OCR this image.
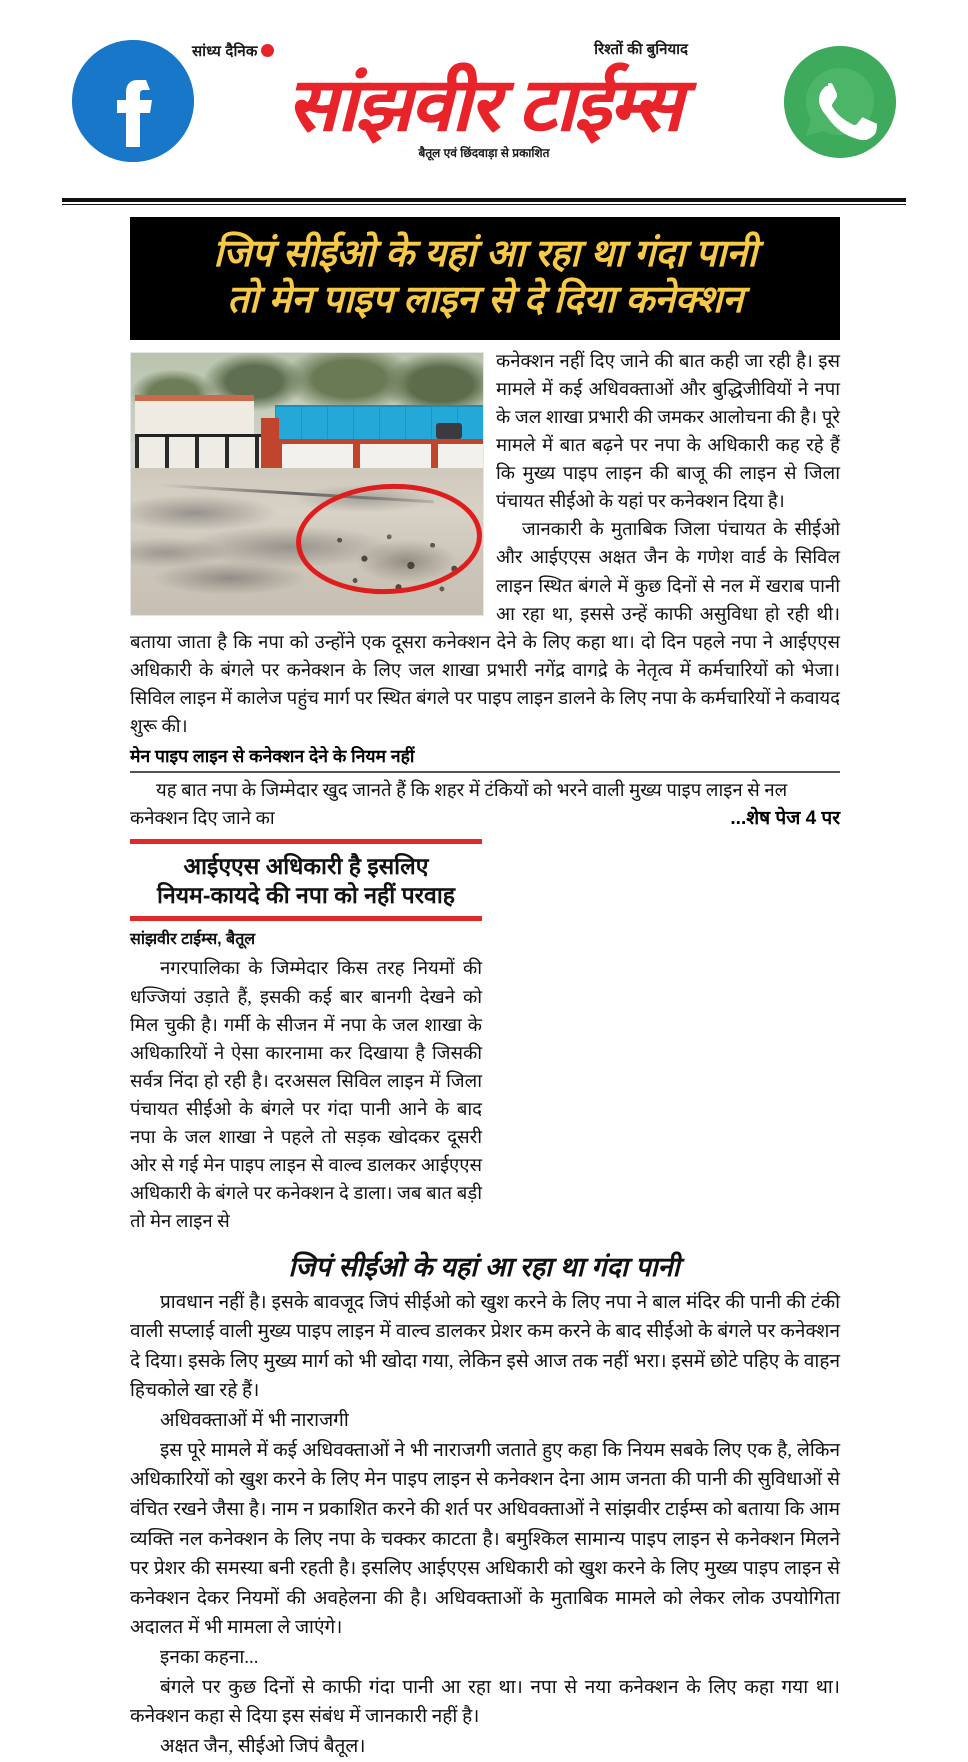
सांध्य दैनिक	रिश्तों की बुनियाद
सांझवीर टाईम्स
बैतूल एवं छिंदवाड़ा से प्रकाशित
जिपं सीईओ के यहां आ रहा था गंदा पानी
तो मेन पाइप लाइन से दे दिया कनेक्शन

कनेक्शन नहीं दिए जाने की बात कही जा रही है। इस मामले में कई अधिवक्ताओं और बुद्धिजीवियों ने नपा के जल शाखा प्रभारी की जमकर आलोचना की है। पूरे मामले में बात बढ़ने पर नपा के अधिकारी कह रहे हैं कि मुख्य पाइप लाइन की बाजू की लाइन से जिला पंचायत सीईओ के यहां पर कनेक्शन दिया है।

जानकारी के मुताबिक जिला पंचायत के सीईओ और आईएएस अक्षत जैन के गणेश वार्ड के सिविल लाइन स्थित बंगले में कुछ दिनों से नल में खराब पानी आ रहा था, इससे उन्हें काफी असुविधा हो रही थी। बताया जाता है कि नपा को उन्होंने एक दूसरा कनेक्शन देने के लिए कहा था। दो दिन पहले नपा ने आईएएस अधिकारी के बंगले पर कनेक्शन के लिए जल शाखा प्रभारी नगेंद्र वागद्रे के नेतृत्व में कर्मचारियों को भेजा। सिविल लाइन में कालेज पहुंच मार्ग पर स्थित बंगले पर पाइप लाइन डालने के लिए नपा के कर्मचारियों ने कवायद शुरू की।

मेन पाइप लाइन से कनेक्शन देने के नियम नहीं

यह बात नपा के जिम्मेदार खुद जानते हैं कि शहर में टंकियों को भरने वाली मुख्य पाइप लाइन से नल

कनेक्शन दिए जाने का	...शेष पेज 4 पर
आईएएस अधिकारी है इसलिए
नियम-कायदे की नपा को नहीं परवाह
सांझवीर टाईम्स, बैतूल

नगरपालिका के जिम्मेदार किस तरह नियमों की धज्जियां उड़ाते हैं, इसकी कई बार बानगी देखने को मिल चुकी है। गर्मी के सीजन में नपा के जल शाखा के अधिकारियों ने ऐसा कारनामा कर दिखाया है जिसकी सर्वत्र निंदा हो रही है। दरअसल सिविल लाइन में जिला पंचायत सीईओ के बंगले पर गंदा पानी आने के बाद नपा के जल शाखा ने पहले तो सड़क खोदकर दूसरी ओर से गई मेन पाइप लाइन से वाल्व डालकर आईएएस अधिकारी के बंगले पर कनेक्शन दे डाला। जब बात बड़ी तो मेन लाइन से

जिपं सीईओ के यहां आ रहा था गंदा पानी

प्रावधान नहीं है। इसके बावजूद जिपं सीईओ को खुश करने के लिए नपा ने बाल मंदिर की पानी की टंकी वाली सप्लाई वाली मुख्य पाइप लाइन में वाल्व डालकर प्रेशर कम करने के बाद सीईओ के बंगले पर कनेक्शन दे दिया। इसके लिए मुख्य मार्ग को भी खोदा गया, लेकिन इसे आज तक नहीं भरा। इसमें छोटे पहिए के वाहन हिचकोले खा रहे हैं।

अधिवक्ताओं में भी नाराजगी

इस पूरे मामले में कई अधिवक्ताओं ने भी नाराजगी जताते हुए कहा कि नियम सबके लिए एक है, लेकिन अधिकारियों को खुश करने के लिए मेन पाइप लाइन से कनेक्शन देना आम जनता की पानी की सुविधाओं से वंचित रखने जैसा है। नाम न प्रकाशित करने की शर्त पर अधिवक्ताओं ने सांझवीर टाईम्स को बताया कि आम व्यक्ति नल कनेक्शन के लिए नपा के चक्कर काटता है। बमुश्किल सामान्य पाइप लाइन से कनेक्शन मिलने पर प्रेशर की समस्या बनी रहती है। इसलिए आईएएस अधिकारी को खुश करने के लिए मुख्य पाइप लाइन से कनेक्शन देकर नियमों की अवहेलना की है। अधिवक्ताओं के मुताबिक मामले को लेकर लोक उपयोगिता अदालत में भी मामला ले जाएंगे।

इनका कहना...

बंगले पर कुछ दिनों से काफी गंदा पानी आ रहा था। नपा से नया कनेक्शन के लिए कहा गया था। कनेक्शन कहा से दिया इस संबंध में जानकारी नहीं है।

अक्षत जैन, सीईओ जिपं बैतूल।
